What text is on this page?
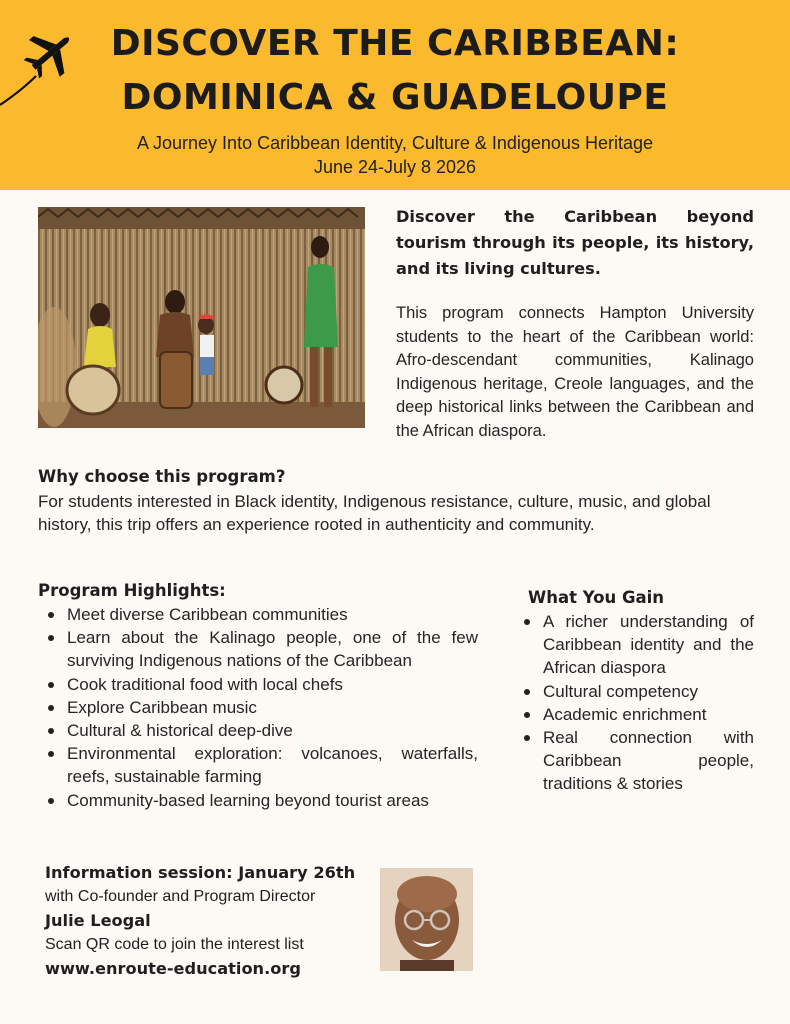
DISCOVER THE CARIBBEAN:
DOMINICA & GUADELOUPE
A Journey Into Caribbean Identity, Culture & Indigenous Heritage
June 24-July 8 2026

Discover the Caribbean beyond tourism through its people, its history, and its living cultures.

This program connects Hampton University students to the heart of the Caribbean world: Afro-descendant communities, Kalinago Indigenous heritage, Creole languages, and the deep historical links between the Caribbean and the African diaspora.

Why choose this program?

For students interested in Black identity, Indigenous resistance, culture, music, and global history, this trip offers an experience rooted in authenticity and community.

Program Highlights:
Meet diverse Caribbean communities
Learn about the Kalinago people, one of the few surviving Indigenous nations of the Caribbean
Cook traditional food with local chefs
Explore Caribbean music
Cultural & historical deep-dive
Environmental exploration: volcanoes, waterfalls, reefs, sustainable farming
Community-based learning beyond tourist areas
What You Gain
A richer understanding of Caribbean identity and the African diaspora
Cultural competency
Academic enrichment
Real connection with Caribbean people, traditions & stories
Information session: January 26th
with Co-founder and Program Director
Julie Leogal
Scan QR code to join the interest list
www.enroute-education.org
